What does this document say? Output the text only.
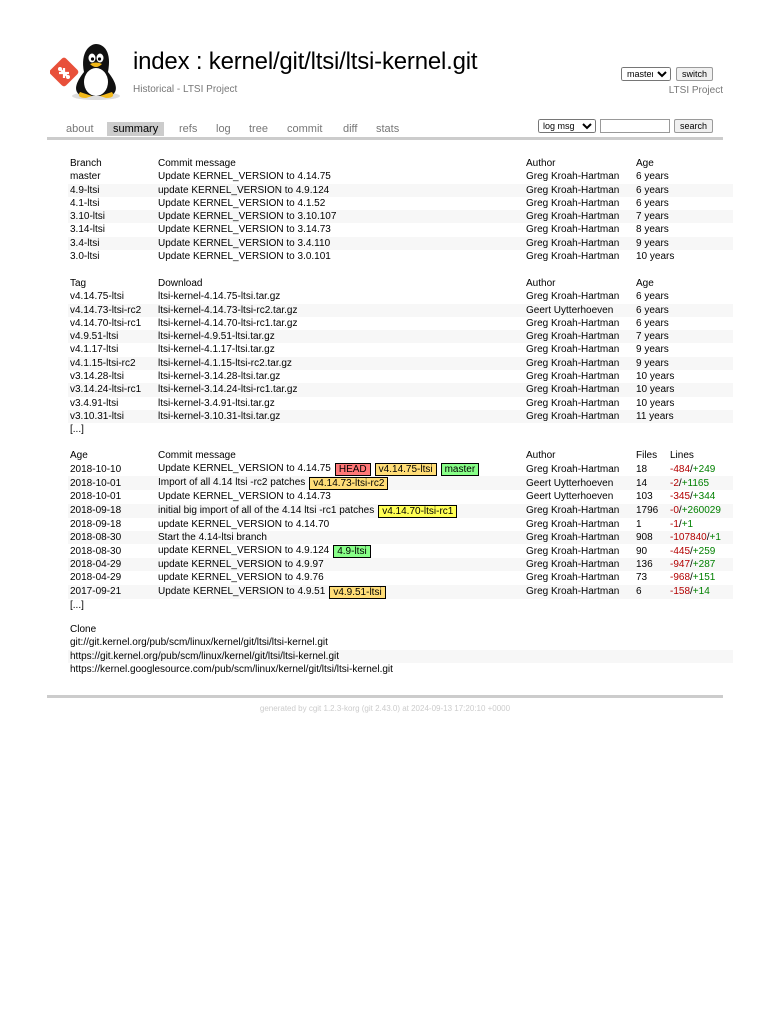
index : kernel/git/ltsi/ltsi-kernel.git
Historical - LTSI Project
master
switch
LTSI Project
about	summary	refs	log	tree	commit	diff	stats
log msg	search
Branch	Commit message	Author	Age
master	Update KERNEL_VERSION to 4.14.75	Greg Kroah-Hartman	6 years
4.9-ltsi	update KERNEL_VERSION to 4.9.124	Greg Kroah-Hartman	6 years
4.1-ltsi	Update KERNEL_VERSION to 4.1.52	Greg Kroah-Hartman	6 years
3.10-ltsi	Update KERNEL_VERSION to 3.10.107	Greg Kroah-Hartman	7 years
3.14-ltsi	Update KERNEL_VERSION to 3.14.73	Greg Kroah-Hartman	8 years
3.4-ltsi	Update KERNEL_VERSION to 3.4.110	Greg Kroah-Hartman	9 years
3.0-ltsi	Update KERNEL_VERSION to 3.0.101	Greg Kroah-Hartman	10 years
Tag	Download	Author	Age
v4.14.75-ltsi	ltsi-kernel-4.14.75-ltsi.tar.gz	Greg Kroah-Hartman	6 years
v4.14.73-ltsi-rc2	ltsi-kernel-4.14.73-ltsi-rc2.tar.gz	Geert Uytterhoeven	6 years
v4.14.70-ltsi-rc1	ltsi-kernel-4.14.70-ltsi-rc1.tar.gz	Greg Kroah-Hartman	6 years
v4.9.51-ltsi	ltsi-kernel-4.9.51-ltsi.tar.gz	Greg Kroah-Hartman	7 years
v4.1.17-ltsi	ltsi-kernel-4.1.17-ltsi.tar.gz	Greg Kroah-Hartman	9 years
v4.1.15-ltsi-rc2	ltsi-kernel-4.1.15-ltsi-rc2.tar.gz	Greg Kroah-Hartman	9 years
v3.14.28-ltsi	ltsi-kernel-3.14.28-ltsi.tar.gz	Greg Kroah-Hartman	10 years
v3.14.24-ltsi-rc1	ltsi-kernel-3.14.24-ltsi-rc1.tar.gz	Greg Kroah-Hartman	10 years
v3.4.91-ltsi	ltsi-kernel-3.4.91-ltsi.tar.gz	Greg Kroah-Hartman	10 years
v3.10.31-ltsi	ltsi-kernel-3.10.31-ltsi.tar.gz	Greg Kroah-Hartman	11 years
[...]			
Age	Commit message	Author	Files	Lines
2018-10-10	Update KERNEL_VERSION to 4.14.75 HEAD v4.14.75-ltsi master	Greg Kroah-Hartman	18	-484/+249
2018-10-01	Import of all 4.14 ltsi -rc2 patches v4.14.73-ltsi-rc2	Geert Uytterhoeven	14	-2/+1165
2018-10-01	Update KERNEL_VERSION to 4.14.73	Geert Uytterhoeven	103	-345/+344
2018-09-18	initial big import of all of the 4.14 ltsi -rc1 patches v4.14.70-ltsi-rc1	Greg Kroah-Hartman	1796	-0/+260029
2018-09-18	update KERNEL_VERSION to 4.14.70	Greg Kroah-Hartman	1	-1/+1
2018-08-30	Start the 4.14-ltsi branch	Greg Kroah-Hartman	908	-107840/+1
2018-08-30	update KERNEL_VERSION to 4.9.124 4.9-ltsi	Greg Kroah-Hartman	90	-445/+259
2018-04-29	update KERNEL_VERSION to 4.9.97	Greg Kroah-Hartman	136	-947/+287
2018-04-29	update KERNEL_VERSION to 4.9.76	Greg Kroah-Hartman	73	-968/+151
2017-09-21	Update KERNEL_VERSION to 4.9.51 v4.9.51-ltsi	Greg Kroah-Hartman	6	-158/+14
[...]				
Clone
git://git.kernel.org/pub/scm/linux/kernel/git/ltsi/ltsi-kernel.git
https://git.kernel.org/pub/scm/linux/kernel/git/ltsi/ltsi-kernel.git
https://kernel.googlesource.com/pub/scm/linux/kernel/git/ltsi/ltsi-kernel.git
generated by cgit 1.2.3-korg (git 2.43.0) at 2024-09-13 17:20:10 +0000
